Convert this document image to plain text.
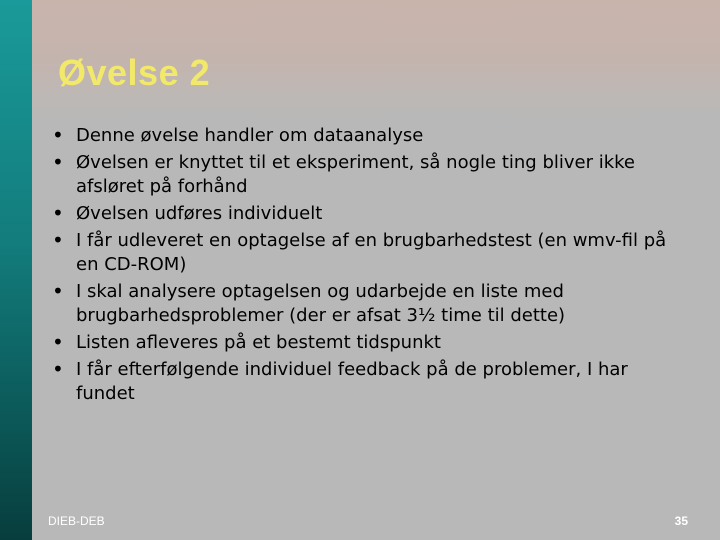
Øvelse 2
• Denne øvelse handler om dataanalyse
• Øvelsen er knyttet til et eksperiment, så nogle ting bliver ikke afsløret på forhånd
• Øvelsen udføres individuelt
• I får udleveret en optagelse af en brugbarhedstest (en wmv-fil på en CD-ROM)
• I skal analysere optagelsen og udarbejde en liste med brugbarhedsproblemer (der er afsat 3½ time til dette)
• Listen afleveres på et bestemt tidspunkt
• I får efterfølgende individuel feedback på de problemer, I har fundet
DIEB-DEB	35
